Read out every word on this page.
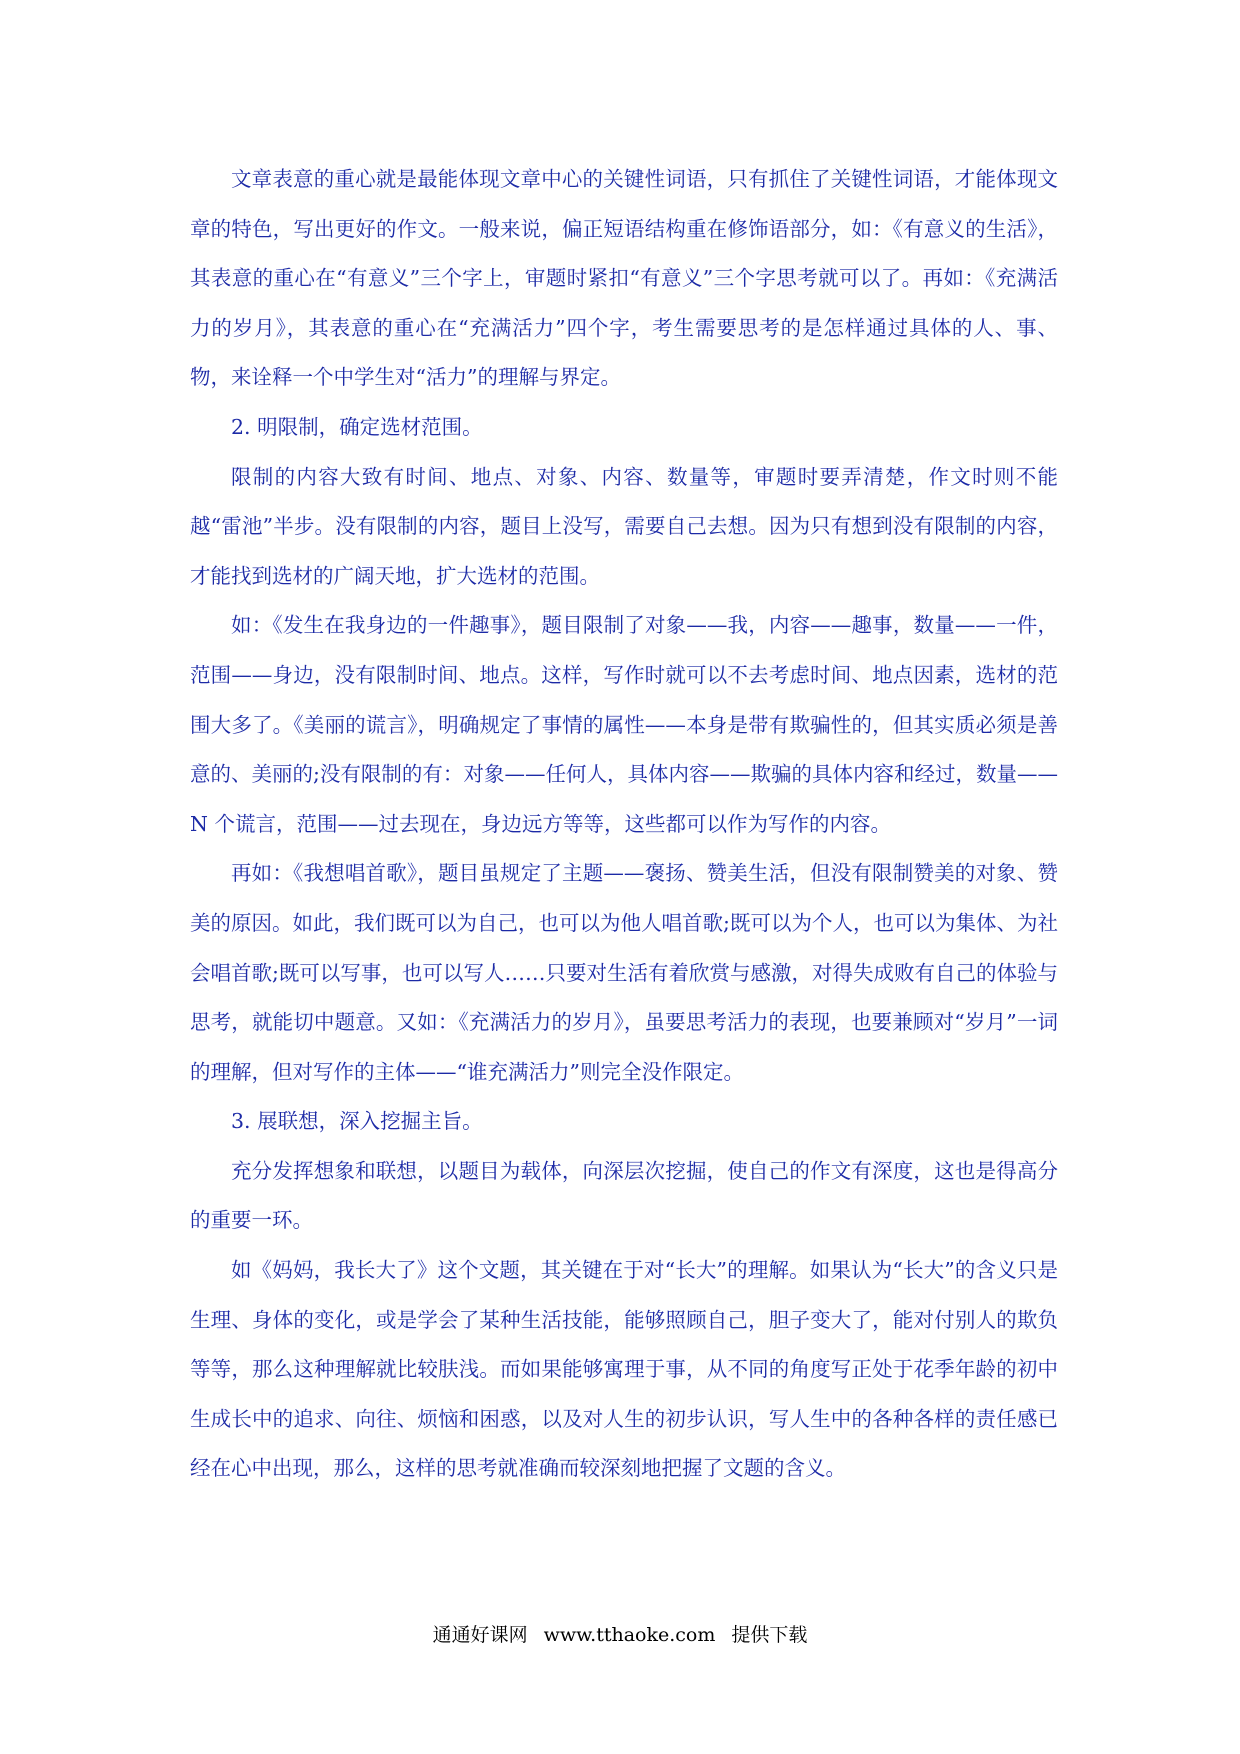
文章表意的重心就是最能体现文章中心的关键性词语，只有抓住了关键性词语，才能体现文章的特色，写出更好的作文。一般来说，偏正短语结构重在修饰语部分，如：《有意义的生活》，其表意的重心在“有意义”三个字上，审题时紧扣“有意义”三个字思考就可以了。再如：《充满活力的岁月》，其表意的重心在“充满活力”四个字，考生需要思考的是怎样通过具体的人、事、物，来诠释一个中学生对“活力”的理解与界定。

2. 明限制，确定选材范围。

限制的内容大致有时间、地点、对象、内容、数量等，审题时要弄清楚，作文时则不能越“雷池”半步。没有限制的内容，题目上没写，需要自己去想。因为只有想到没有限制的内容，才能找到选材的广阔天地，扩大选材的范围。

如：《发生在我身边的一件趣事》，题目限制了对象——我，内容——趣事，数量——一件，范围——身边，没有限制时间、地点。这样，写作时就可以不去考虑时间、地点因素，选材的范围大多了。《美丽的谎言》，明确规定了事情的属性——本身是带有欺骗性的，但其实质必须是善意的、美丽的;没有限制的有：对象——任何人，具体内容——欺骗的具体内容和经过，数量——N 个谎言，范围——过去现在，身边远方等等，这些都可以作为写作的内容。

再如：《我想唱首歌》，题目虽规定了主题——褒扬、赞美生活，但没有限制赞美的对象、赞美的原因。如此，我们既可以为自己，也可以为他人唱首歌;既可以为个人，也可以为集体、为社会唱首歌;既可以写事，也可以写人……只要对生活有着欣赏与感激，对得失成败有自己的体验与思考，就能切中题意。又如：《充满活力的岁月》，虽要思考活力的表现，也要兼顾对“岁月”一词的理解，但对写作的主体——“谁充满活力”则完全没作限定。

3. 展联想，深入挖掘主旨。

充分发挥想象和联想，以题目为载体，向深层次挖掘，使自己的作文有深度，这也是得高分的重要一环。

如《妈妈，我长大了》这个文题，其关键在于对“长大”的理解。如果认为“长大”的含义只是生理、身体的变化，或是学会了某种生活技能，能够照顾自己，胆子变大了，能对付别人的欺负等等，那么这种理解就比较肤浅。而如果能够寓理于事，从不同的角度写正处于花季年龄的初中生成长中的追求、向往、烦恼和困惑，以及对人生的初步认识，写人生中的各种各样的责任感已经在心中出现，那么，这样的思考就准确而较深刻地把握了文题的含义。

通通好课网 www.tthaoke.com 提供下载
